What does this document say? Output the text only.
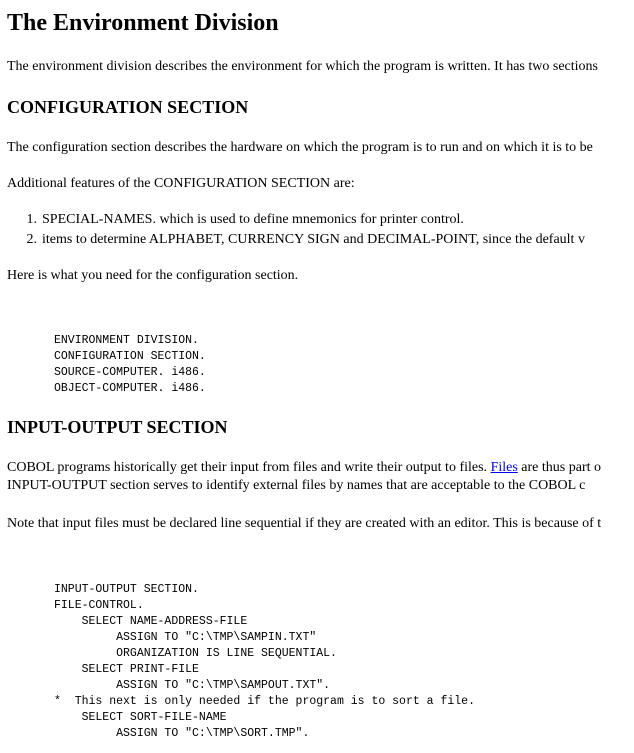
The Environment Division

The environment division describes the environment for which the program is written. It has two sections

CONFIGURATION SECTION

The configuration section describes the hardware on which the program is to run and on which it is to be

Additional features of the CONFIGURATION SECTION are:

1. SPECIAL-NAMES. which is used to define mnemonics for printer control.
2. items to determine ALPHABET, CURRENCY SIGN and DECIMAL-POINT, since the default v

Here is what you need for the configuration section.

ENVIRONMENT DIVISION.
CONFIGURATION SECTION.
SOURCE-COMPUTER. i486.
OBJECT-COMPUTER. i486.
INPUT-OUTPUT SECTION

COBOL programs historically get their input from files and write their output to files. Files are thus part o

INPUT-OUTPUT section serves to identify external files by names that are acceptable to the COBOL c

Note that input files must be declared line sequential if they are created with an editor. This is because of t

INPUT-OUTPUT SECTION.
FILE-CONTROL.
SELECT NAME-ADDRESS-FILE
ASSIGN TO "C:\TMP\SAMPIN.TXT"
ORGANIZATION IS LINE SEQUENTIAL.
SELECT PRINT-FILE
ASSIGN TO "C:\TMP\SAMPOUT.TXT".
*  This next is only needed if the program is to sort a file.
SELECT SORT-FILE-NAME
ASSIGN TO "C:\TMP\SORT.TMP".
